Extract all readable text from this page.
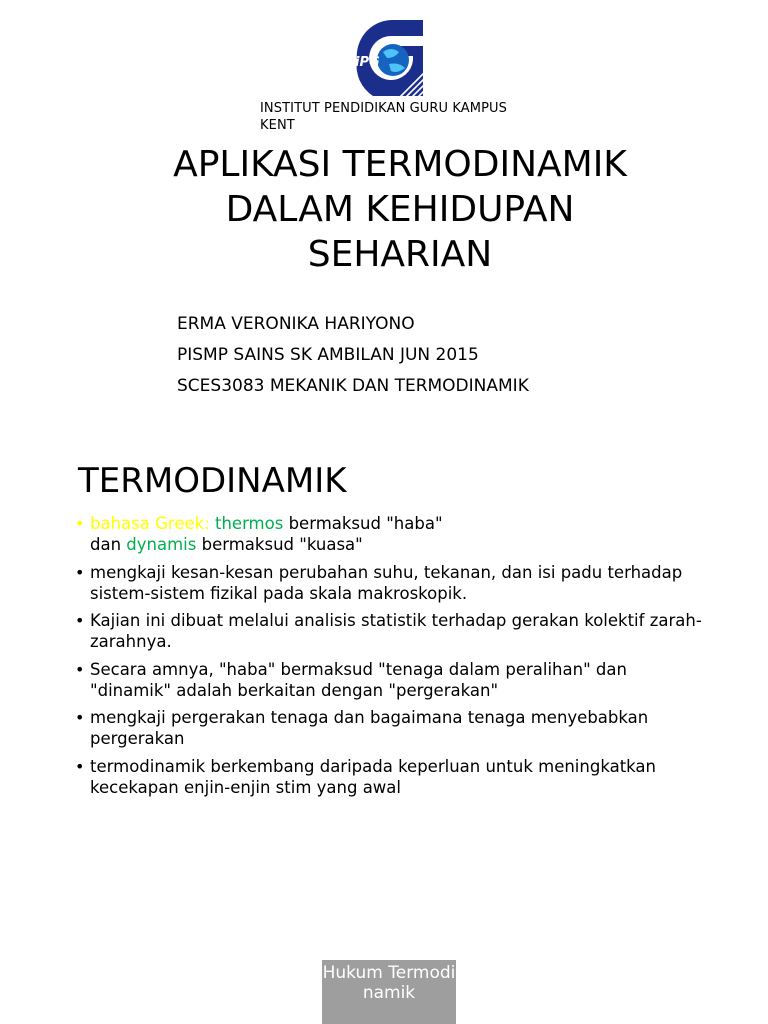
iPG
INSTITUT PENDIDIKAN GURU KAMPUS KENT
APLIKASI TERMODINAMIK
DALAM KEHIDUPAN
SEHARIAN
ERMA VERONIKA HARIYONO
PISMP SAINS SK AMBILAN JUN 2015
SCES3083 MEKANIK DAN TERMODINAMIK
TERMODINAMIK
• bahasa Greek: thermos bermaksud "haba"
dan dynamis bermaksud "kuasa"
• mengkaji kesan-kesan perubahan suhu, tekanan, dan isi padu terhadap sistem-sistem fizikal pada skala makroskopik.
• Kajian ini dibuat melalui analisis statistik terhadap gerakan kolektif zarah-zarahnya.
• Secara amnya, "haba" bermaksud "tenaga dalam peralihan" dan "dinamik" adalah berkaitan dengan "pergerakan"
• mengkaji pergerakan tenaga dan bagaimana tenaga menyebabkan pergerakan
• termodinamik berkembang daripada keperluan untuk meningkatkan kecekapan enjin-enjin stim yang awal
Hukum Termodinamik
